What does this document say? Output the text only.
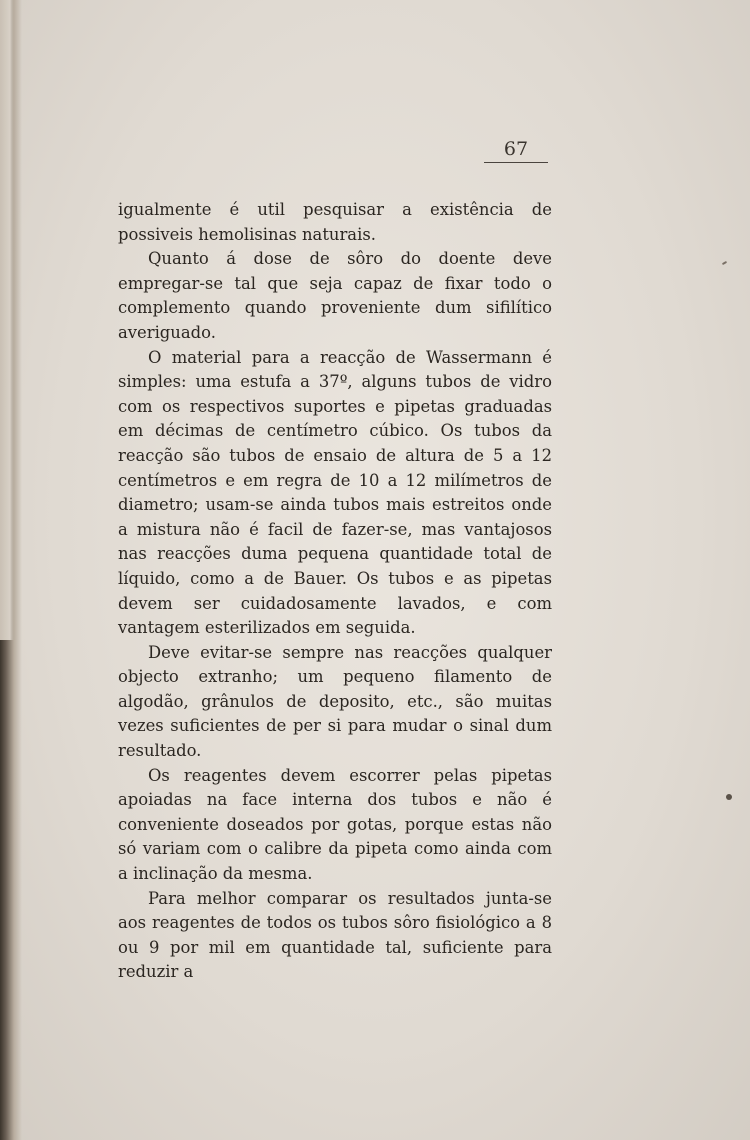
67

igualmente é util pesquisar a existência de possiveis hemolisinas naturais.

Quanto á dose de sôro do doente deve empregar-se tal que seja capaz de fixar todo o complemento quando proveniente dum sifilítico averiguado.

O material para a reacção de Wassermann é simples: uma estufa a 37º, alguns tubos de vidro com os respectivos suportes e pipetas graduadas em décimas de centímetro cúbico. Os tubos da reacção são tubos de ensaio de altura de 5 a 12 centímetros e em regra de 10 a 12 milímetros de diametro; usam-se ainda tubos mais estreitos onde a mistura não é facil de fazer-se, mas vantajosos nas reacções duma pequena quantidade total de líquido, como a de Bauer. Os tubos e as pipetas devem ser cuidadosamente lavados, e com vantagem esterilizados em seguida.

Deve evitar-se sempre nas reacções qualquer objecto extranho; um pequeno filamento de algodão, grânulos de deposito, etc., são muitas vezes suficientes de per si para mudar o sinal dum resultado.

Os reagentes devem escorrer pelas pipetas apoiadas na face interna dos tubos e não é conveniente doseados por gotas, porque estas não só variam com o calibre da pipeta como ainda com a inclinação da mesma.

Para melhor comparar os resultados junta-se aos reagentes de todos os tubos sôro fisiológico a 8 ou 9 por mil em quantidade tal, suficiente para reduzir a
